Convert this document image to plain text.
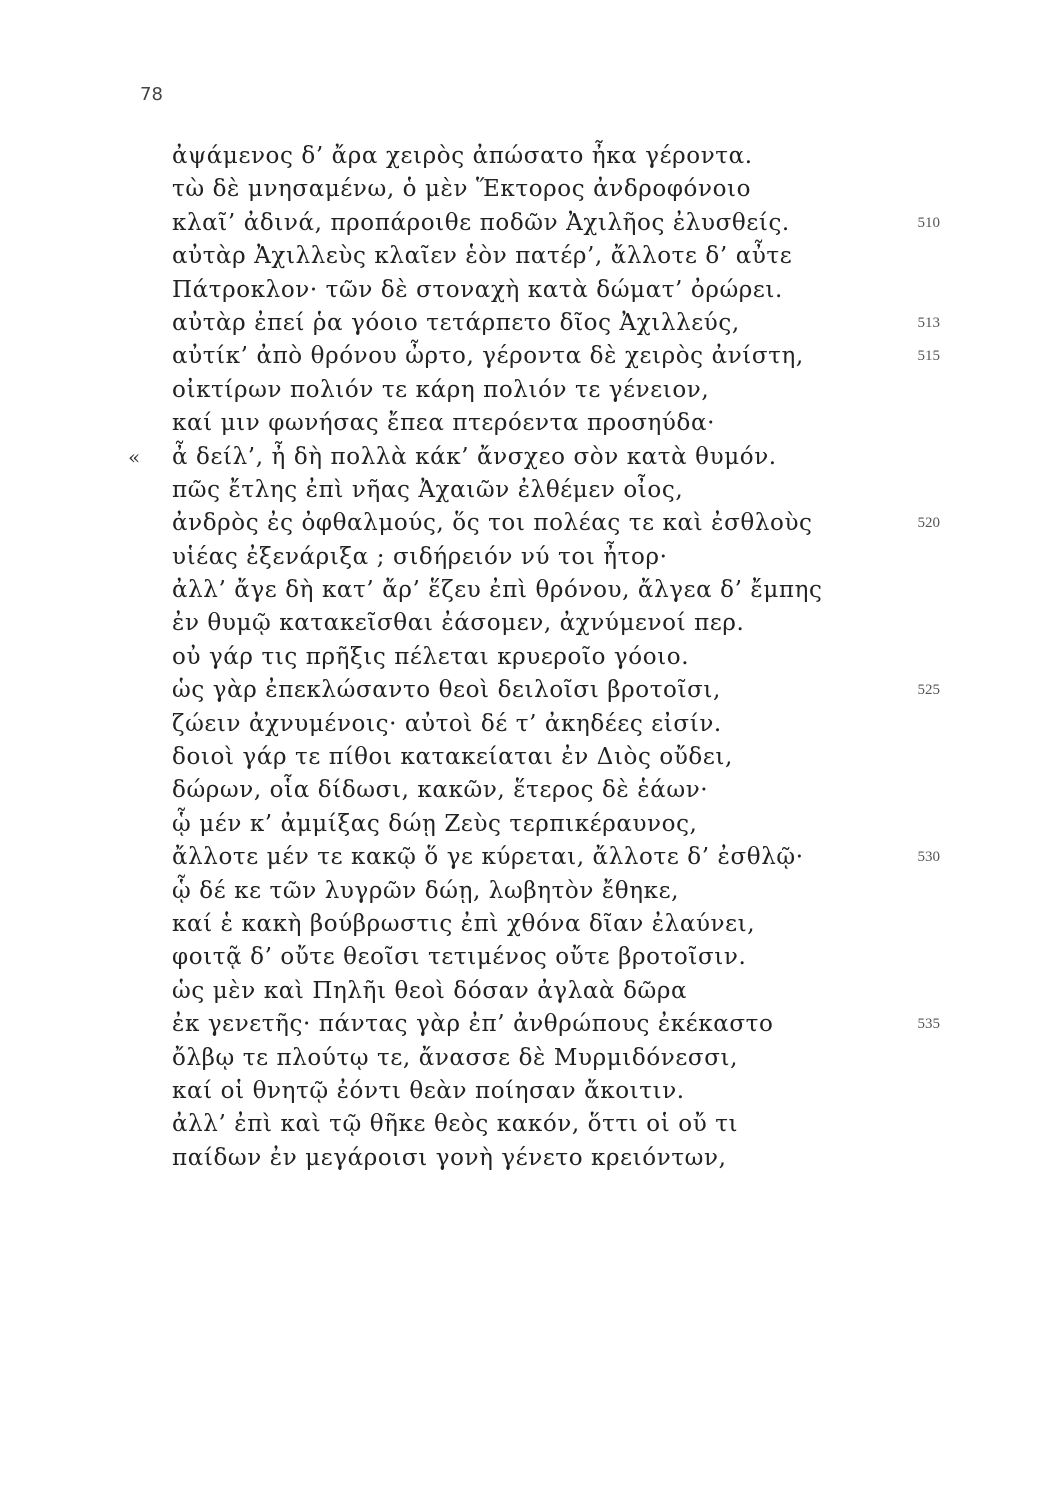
78
ἀψάμενος δ’ ἄρα χειρὸς ἀπώσατο ἦκα γέροντα.
τὼ δὲ μνησαμένω, ὁ μὲν Ἕκτορος ἀνδροφόνοιο
κλαῖ’ ἀδινά, προπάροιθε ποδῶν Ἀχιλῆος ἐλυσθείς.	510
αὐτὰρ Ἀχιλλεὺς κλαῖεν ἑὸν πατέρ’, ἄλλοτε δ’ αὖτε
Πάτροκλον· τῶν δὲ στοναχὴ κατὰ δώματ’ ὀρώρει.
αὐτὰρ ἐπεί ῥα γόοιο τετάρπετο δῖος Ἀχιλλεύς,	513
αὐτίκ’ ἀπὸ θρόνου ὦρτο, γέροντα δὲ χειρὸς ἀνίστη,	515
οἰκτίρων πολιόν τε κάρη πολιόν τε γένειον,
καί μιν φωνήσας ἔπεα πτερόεντα προσηύδα·
« ἆ δείλ’, ἦ δὴ πολλὰ κάκ’ ἄνσχεο σὸν κατὰ θυμόν.
πῶς ἔτλης ἐπὶ νῆας Ἀχαιῶν ἐλθέμεν οἶος,
ἀνδρὸς ἐς ὀφθαλμούς, ὅς τοι πολέας τε καὶ ἐσθλοὺς	520
υἱέας ἐξενάριξα ; σιδήρειόν νύ τοι ἦτορ·
ἀλλ’ ἄγε δὴ κατ’ ἄρ’ ἕζευ ἐπὶ θρόνου, ἄλγεα δ’ ἔμπης
ἐν θυμῷ κατακεῖσθαι ἐάσομεν, ἀχνύμενοί περ.
οὐ γάρ τις πρῆξις πέλεται κρυεροῖο γόοιο.
ὡς γὰρ ἐπεκλώσαντο θεοὶ δειλοῖσι βροτοῖσι,	525
ζώειν ἀχνυμένοις· αὐτοὶ δέ τ’ ἀκηδέες εἰσίν.
δοιοὶ γάρ τε πίθοι κατακείαται ἐν Διὸς οὔδει,
δώρων, οἷα δίδωσι, κακῶν, ἕτερος δὲ ἑάων·
ᾧ μέν κ’ ἀμμίξας δώῃ Ζεὺς τερπικέραυνος,
ἄλλοτε μέν τε κακῷ ὅ γε κύρεται, ἄλλοτε δ’ ἐσθλῷ·	530
ᾧ δέ κε τῶν λυγρῶν δώῃ, λωβητὸν ἔθηκε,
καί ἑ κακὴ βούβρωστις ἐπὶ χθόνα δῖαν ἐλαύνει,
φοιτᾷ δ’ οὔτε θεοῖσι τετιμένος οὔτε βροτοῖσιν.
ὡς μὲν καὶ Πηλῆι θεοὶ δόσαν ἀγλαὰ δῶρα
ἐκ γενετῆς· πάντας γὰρ ἐπ’ ἀνθρώπους ἐκέκαστο	535
ὄλβῳ τε πλούτῳ τε, ἄνασσε δὲ Μυρμιδόνεσσι,
καί οἱ θνητῷ ἐόντι θεὰν ποίησαν ἄκοιτιν.
ἀλλ’ ἐπὶ καὶ τῷ θῆκε θεὸς κακόν, ὅττι οἱ οὔ τι
παίδων ἐν μεγάροισι γονὴ γένετο κρειόντων,
